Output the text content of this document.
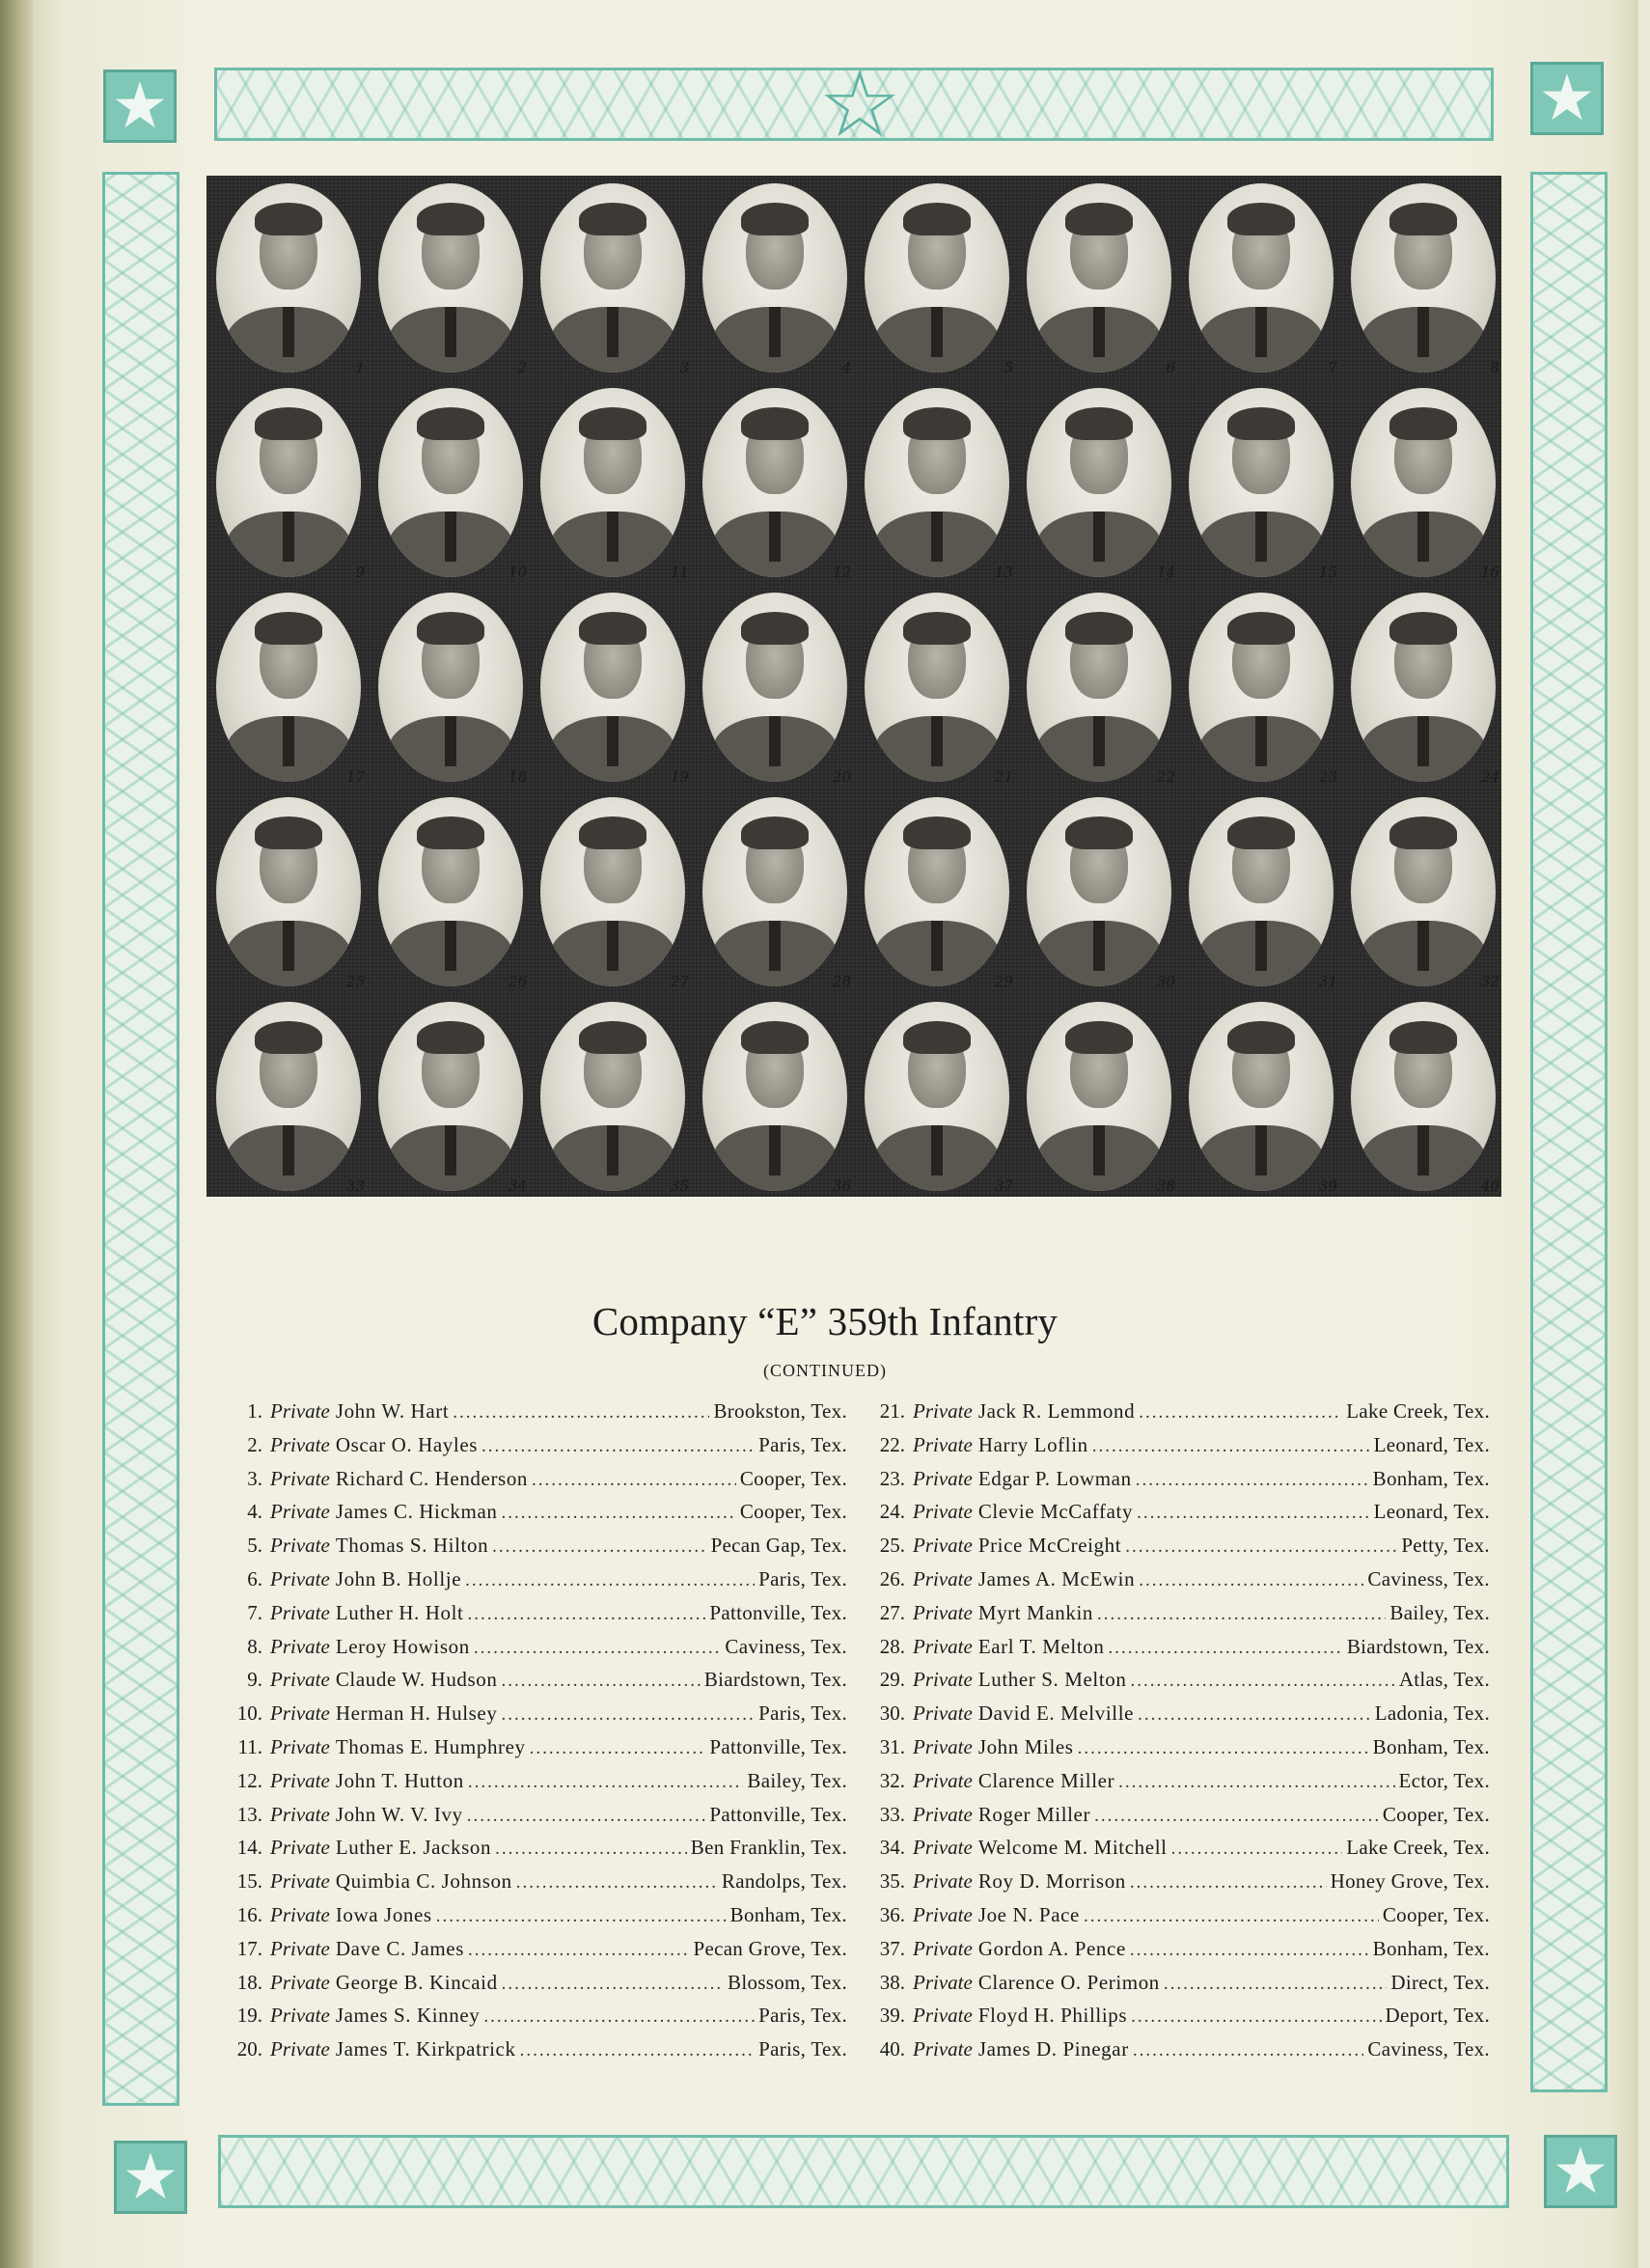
☆
★	★
★	★
1	2	3	4	5	6	7	8
9	10	11	12	13	14	15	16
17	18	19	20	21	22	23	24
25	26	27	28	29	30	31	32
33	34	35	36	37	38	39	40
Company “E” 359th Infantry
(CONTINUED)
1. Private John W. Hart .....	Brookston, Tex.
2. Private Oscar O. Hayles .....	Paris, Tex.
3. Private Richard C. Henderson .....	Cooper, Tex.
4. Private James C. Hickman .....	Cooper, Tex.
5. Private Thomas S. Hilton .....	Pecan Gap, Tex.
6. Private John B. Hollje .....	Paris, Tex.
7. Private Luther H. Holt .....	Pattonville, Tex.
8. Private Leroy Howison .....	Caviness, Tex.
9. Private Claude W. Hudson .....	Biardstown, Tex.
10. Private Herman H. Hulsey .....	Paris, Tex.
11. Private Thomas E. Humphrey .....	Pattonville, Tex.
12. Private John T. Hutton .....	Bailey, Tex.
13. Private John W. V. Ivy .....	Pattonville, Tex.
14. Private Luther E. Jackson .....	Ben Franklin, Tex.
15. Private Quimbia C. Johnson .....	Randolps, Tex.
16. Private Iowa Jones .....	Bonham, Tex.
17. Private Dave C. James .....	Pecan Grove, Tex.
18. Private George B. Kincaid .....	Blossom, Tex.
19. Private James S. Kinney .....	Paris, Tex.
20. Private James T. Kirkpatrick .....	Paris, Tex.
21. Private Jack R. Lemmond .....	Lake Creek, Tex.
22. Private Harry Loflin .....	Leonard, Tex.
23. Private Edgar P. Lowman .....	Bonham, Tex.
24. Private Clevie McCaffaty .....	Leonard, Tex.
25. Private Price McCreight .....	Petty, Tex.
26. Private James A. McEwin .....	Caviness, Tex.
27. Private Myrt Mankin .....	Bailey, Tex.
28. Private Earl T. Melton .....	Biardstown, Tex.
29. Private Luther S. Melton .....	Atlas, Tex.
30. Private David E. Melville .....	Ladonia, Tex.
31. Private John Miles .....	Bonham, Tex.
32. Private Clarence Miller .....	Ector, Tex.
33. Private Roger Miller .....	Cooper, Tex.
34. Private Welcome M. Mitchell .....	Lake Creek, Tex.
35. Private Roy D. Morrison .....	Honey Grove, Tex.
36. Private Joe N. Pace .....	Cooper, Tex.
37. Private Gordon A. Pence .....	Bonham, Tex.
38. Private Clarence O. Perimon .....	Direct, Tex.
39. Private Floyd H. Phillips .....	Deport, Tex.
40. Private James D. Pinegar .....	Caviness, Tex.
